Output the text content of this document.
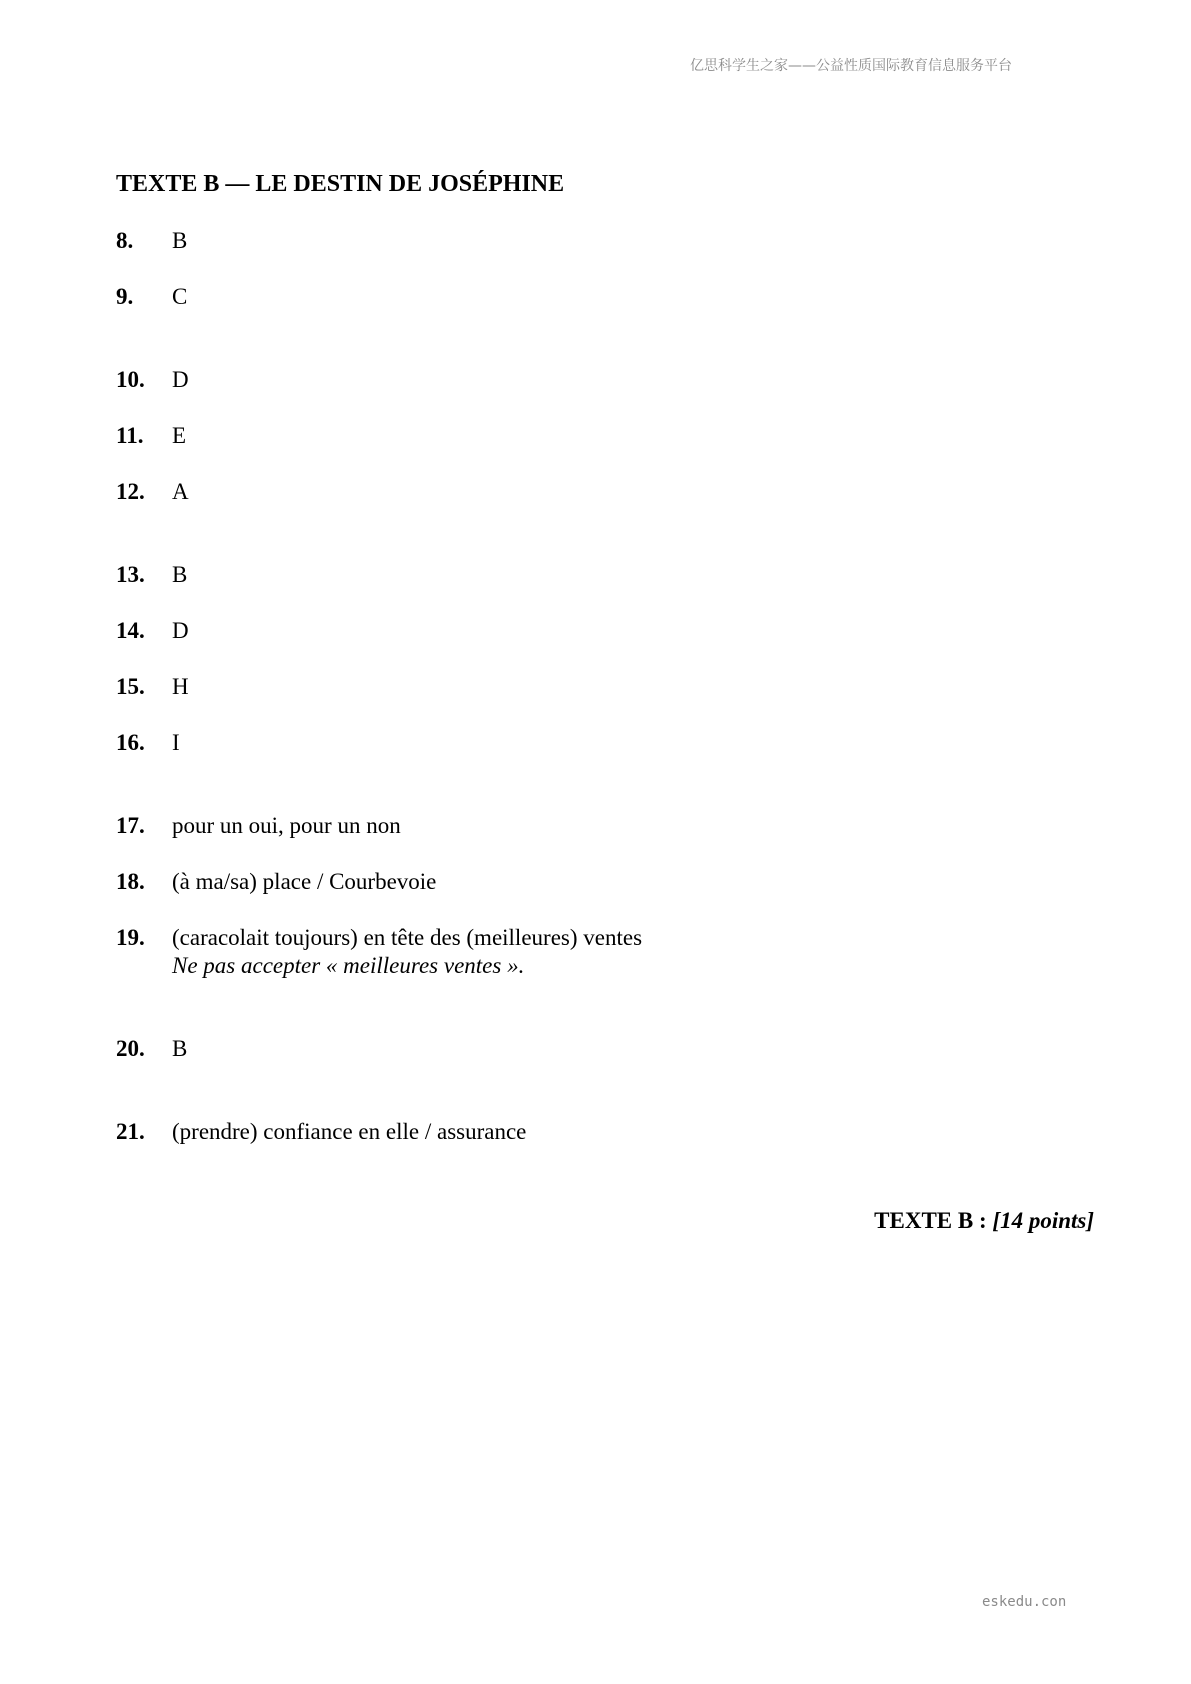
亿思科学生之家——公益性质国际教育信息服务平台
TEXTE B — LE DESTIN DE JOSÉPHINE
8. B
9. C
10. D
11. E
12. A
13. B
14. D
15. H
16. I
17. pour un oui, pour un non
18. (à ma/sa) place / Courbevoie
19. (caracolait toujours) en tête des (meilleures) ventes
Ne pas accepter « meilleures ventes ».
20. B
21. (prendre) confiance en elle / assurance
TEXTE B : [14 points]
eskedu.con
